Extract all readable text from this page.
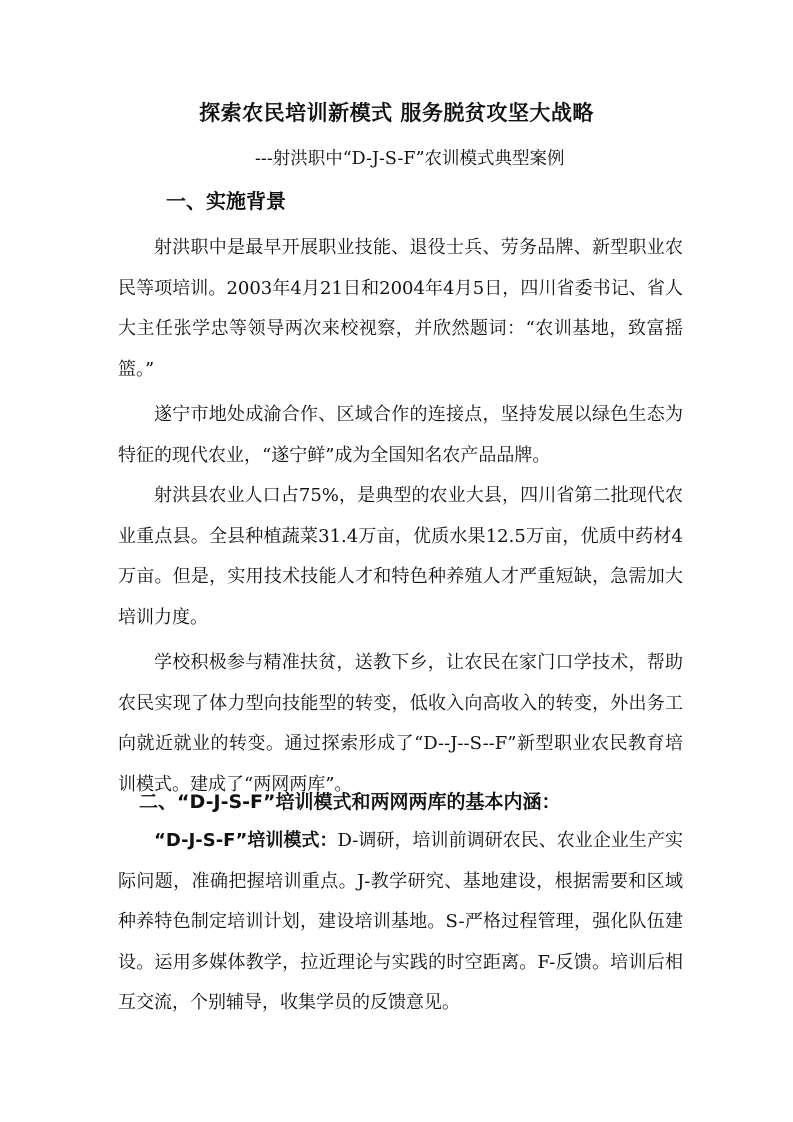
探索农民培训新模式 服务脱贫攻坚大战略
---射洪职中“D-J-S-F”农训模式典型案例
一、实施背景

射洪职中是最早开展职业技能、退役士兵、劳务品牌、新型职业农民等项培训。2003年4月21日和2004年4月5日，四川省委书记、省人大主任张学忠等领导两次来校视察，并欣然题词：“农训基地，致富摇篮。”

遂宁市地处成渝合作、区域合作的连接点，坚持发展以绿色生态为特征的现代农业，“遂宁鲜”成为全国知名农产品品牌。

射洪县农业人口占75%，是典型的农业大县，四川省第二批现代农业重点县。全县种植蔬菜31.4万亩，优质水果12.5万亩，优质中药材4万亩。但是，实用技术技能人才和特色种养殖人才严重短缺，急需加大培训力度。

学校积极参与精准扶贫，送教下乡，让农民在家门口学技术，帮助农民实现了体力型向技能型的转变，低收入向高收入的转变，外出务工向就近就业的转变。通过探索形成了“D--J--S--F”新型职业农民教育培训模式。建成了“两网两库”。

二、“D-J-S-F”培训模式和两网两库的基本内涵：

“D-J-S-F”培训模式：D-调研，培训前调研农民、农业企业生产实际问题，准确把握培训重点。J-教学研究、基地建设，根据需要和区域种养特色制定培训计划，建设培训基地。S-严格过程管理，强化队伍建设。运用多媒体教学，拉近理论与实践的时空距离。F-反馈。培训后相互交流，个别辅导，收集学员的反馈意见。
